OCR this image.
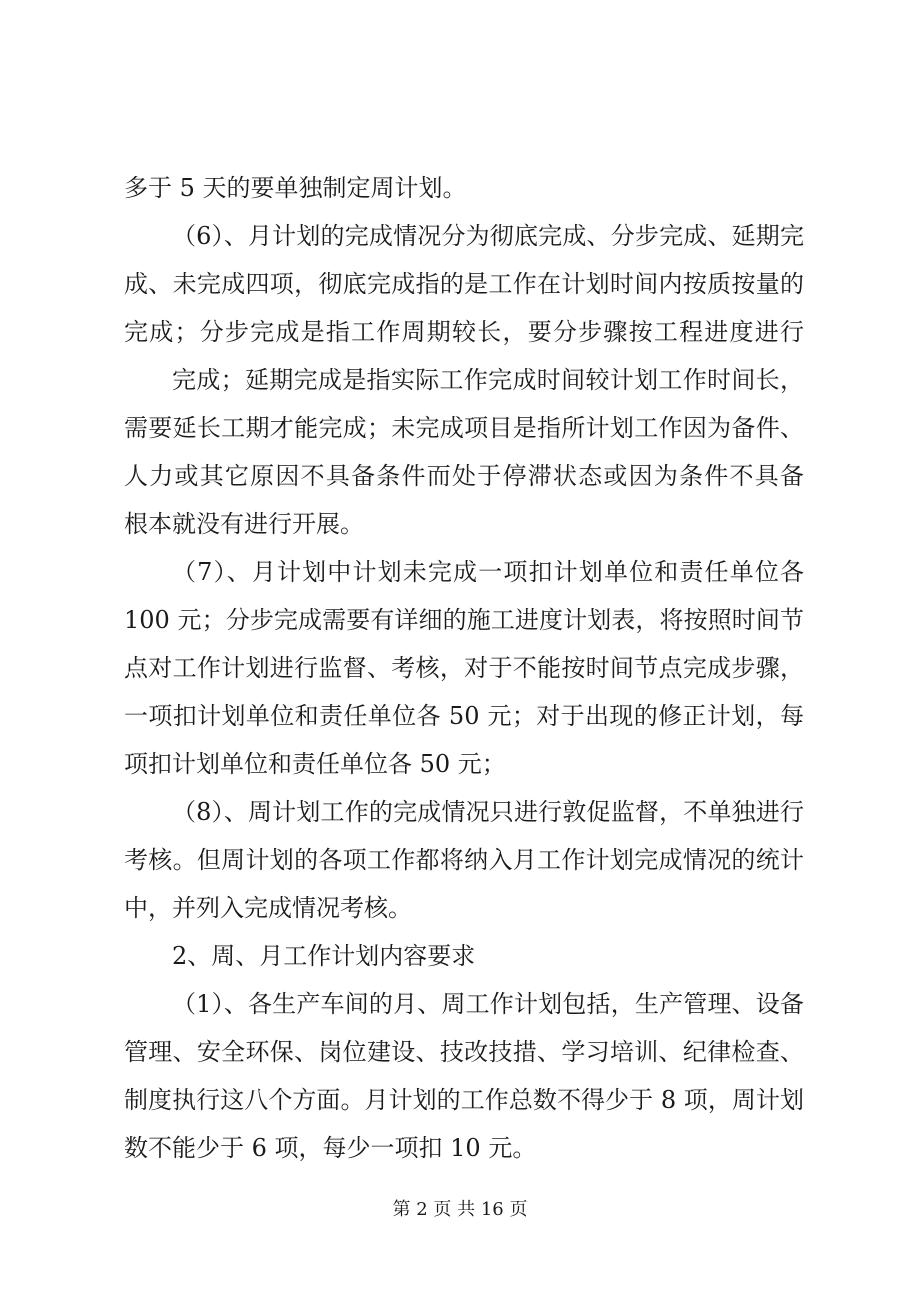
多于 5 天的要单独制定周计划。
（6）、月计划的完成情况分为彻底完成、分步完成、延期完
成、未完成四项，彻底完成指的是工作在计划时间内按质按量的
完成；分步完成是指工作周期较长，要分步骤按工程进度进行
完成；延期完成是指实际工作完成时间较计划工作时间长，
需要延长工期才能完成；未完成项目是指所计划工作因为备件、
人力或其它原因不具备条件而处于停滞状态或因为条件不具备
根本就没有进行开展。
（7）、月计划中计划未完成一项扣计划单位和责任单位各
100 元；分步完成需要有详细的施工进度计划表，将按照时间节
点对工作计划进行监督、考核，对于不能按时间节点完成步骤，
一项扣计划单位和责任单位各 50 元；对于出现的修正计划，每
项扣计划单位和责任单位各 50 元；
（8）、周计划工作的完成情况只进行敦促监督，不单独进行
考核。但周计划的各项工作都将纳入月工作计划完成情况的统计
中，并列入完成情况考核。
2、周、月工作计划内容要求
（1）、各生产车间的月、周工作计划包括，生产管理、设备
管理、安全环保、岗位建设、技改技措、学习培训、纪律检查、
制度执行这八个方面。月计划的工作总数不得少于 8 项，周计划
数不能少于 6 项，每少一项扣 10 元。
第 2 页 共 16 页
